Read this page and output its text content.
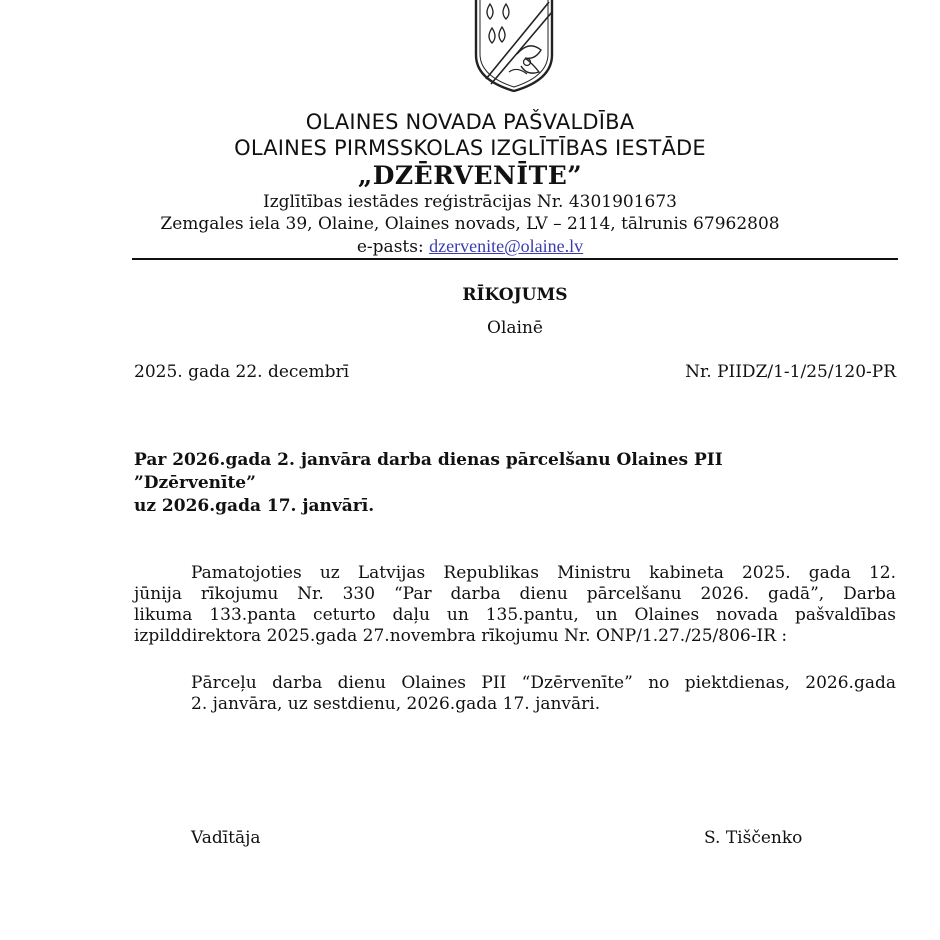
OLAINES NOVADA PAŠVALDĪBA
OLAINES PIRMSSKOLAS IZGLĪTĪBAS IESTĀDE
„DZĒRVENĪTE”
Izglītības iestādes reģistrācijas Nr. 4301901673
Zemgales iela 39, Olaine, Olaines novads, LV – 2114, tālrunis 67962808
e-pasts: dzervenite@olaine.lv
RĪKOJUMS
Olainē
2025. gada 22. decembrī	Nr. PIIDZ/1-1/25/120-PR
Par 2026.gada 2. janvāra darba dienas pārcelšanu Olaines PII
”Dzērvenīte”
uz 2026.gada 17. janvārī.
Pamatojoties uz Latvijas Republikas Ministru kabineta 2025. gada 12.
jūnija rīkojumu Nr. 330 “Par darba dienu pārcelšanu 2026. gadā”, Darba
likuma 133.panta ceturto daļu un 135.pantu, un Olaines novada pašvaldības
izpilddirektora 2025.gada 27.novembra rīkojumu Nr. ONP/1.27./25/806-IR :
Pārceļu darba dienu Olaines PII “Dzērvenīte” no piektdienas, 2026.gada
2. janvāra, uz sestdienu, 2026.gada 17. janvāri.
Vadītāja	S. Tiščenko
